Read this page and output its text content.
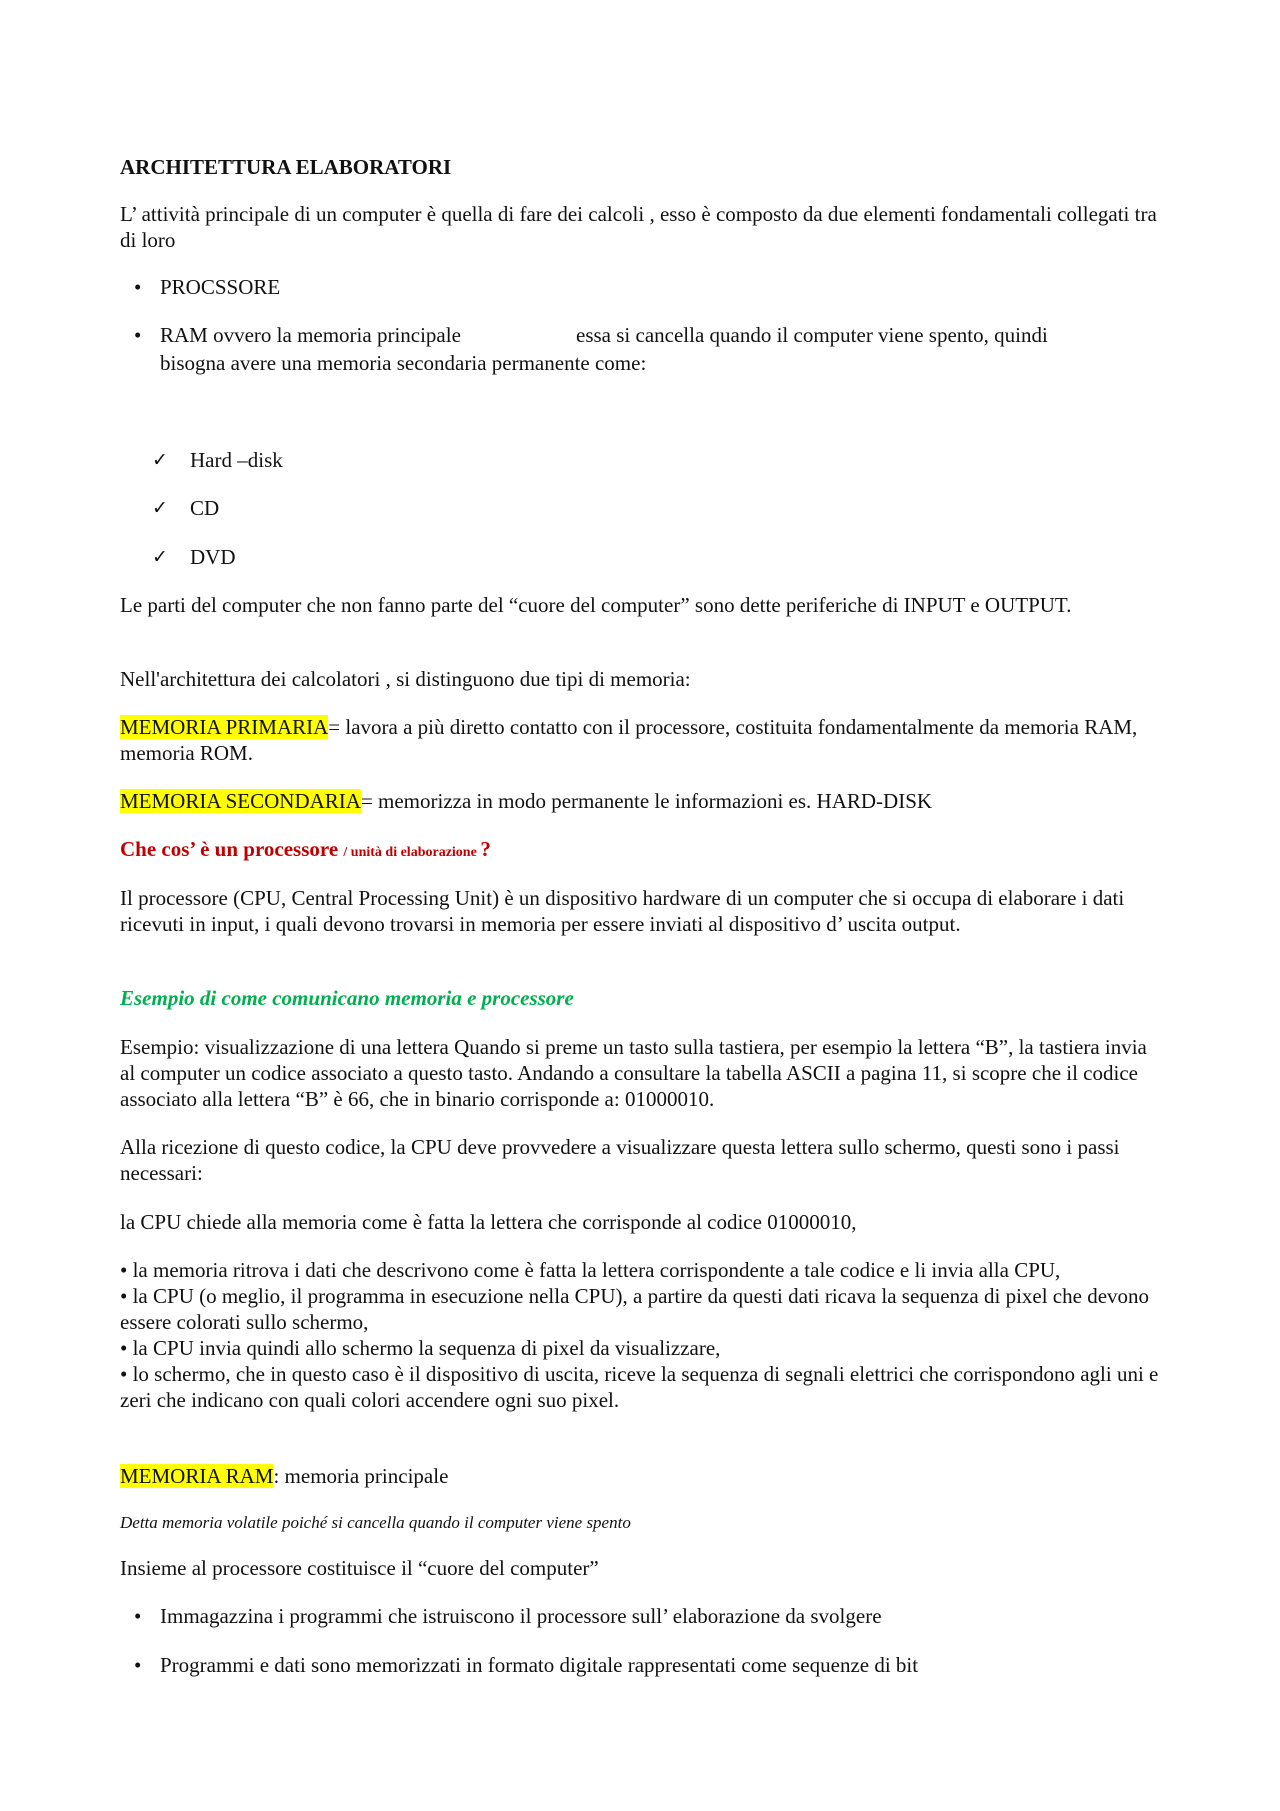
ARCHITETTURA ELABORATORI

L’ attività principale di un computer è quella di fare dei calcoli , esso è composto da due elementi fondamentali collegati tra di loro

• PROCSSORE
• RAM ovvero la memoria principale	essa si cancella quando il computer viene spento, quindi
bisogna avere una memoria secondaria permanente come:
✓ Hard –disk
✓ CD
✓ DVD

Le parti del computer che non fanno parte del “cuore del computer” sono dette periferiche di INPUT e OUTPUT.

Nell'architettura dei calcolatori , si distinguono due tipi di memoria:

MEMORIA PRIMARIA= lavora a più diretto contatto con il processore, costituita fondamentalmente da memoria RAM, memoria ROM.

MEMORIA SECONDARIA= memorizza in modo permanente le informazioni es. HARD-DISK

Che cos’ è un processore / unità di elaborazione ?

Il processore (CPU, Central Processing Unit) è un dispositivo hardware di un computer che si occupa di elaborare i dati ricevuti in input, i quali devono trovarsi in memoria per essere inviati al dispositivo d’ uscita output.

Esempio di come comunicano memoria e processore

Esempio: visualizzazione di una lettera Quando si preme un tasto sulla tastiera, per esempio la lettera “B”, la tastiera invia al computer un codice associato a questo tasto. Andando a consultare la tabella ASCII a pagina 11, si scopre che il codice associato alla lettera “B” è 66, che in binario corrisponde a: 01000010.

Alla ricezione di questo codice, la CPU deve provvedere a visualizzare questa lettera sullo schermo, questi sono i passi necessari:

la CPU chiede alla memoria come è fatta la lettera che corrisponde al codice 01000010,

• la memoria ritrova i dati che descrivono come è fatta la lettera corrispondente a tale codice e li invia alla CPU,
• la CPU (o meglio, il programma in esecuzione nella CPU), a partire da questi dati ricava la sequenza di pixel che devono essere colorati sullo schermo,
• la CPU invia quindi allo schermo la sequenza di pixel da visualizzare,
• lo schermo, che in questo caso è il dispositivo di uscita, riceve la sequenza di segnali elettrici che corrispondono agli uni e zeri che indicano con quali colori accendere ogni suo pixel.

MEMORIA RAM: memoria principale

Detta memoria volatile poiché si cancella quando il computer viene spento

Insieme al processore costituisce il “cuore del computer”

• Immagazzina i programmi che istruiscono il processore sull’ elaborazione da svolgere
• Programmi e dati sono memorizzati in formato digitale rappresentati come sequenze di bit
